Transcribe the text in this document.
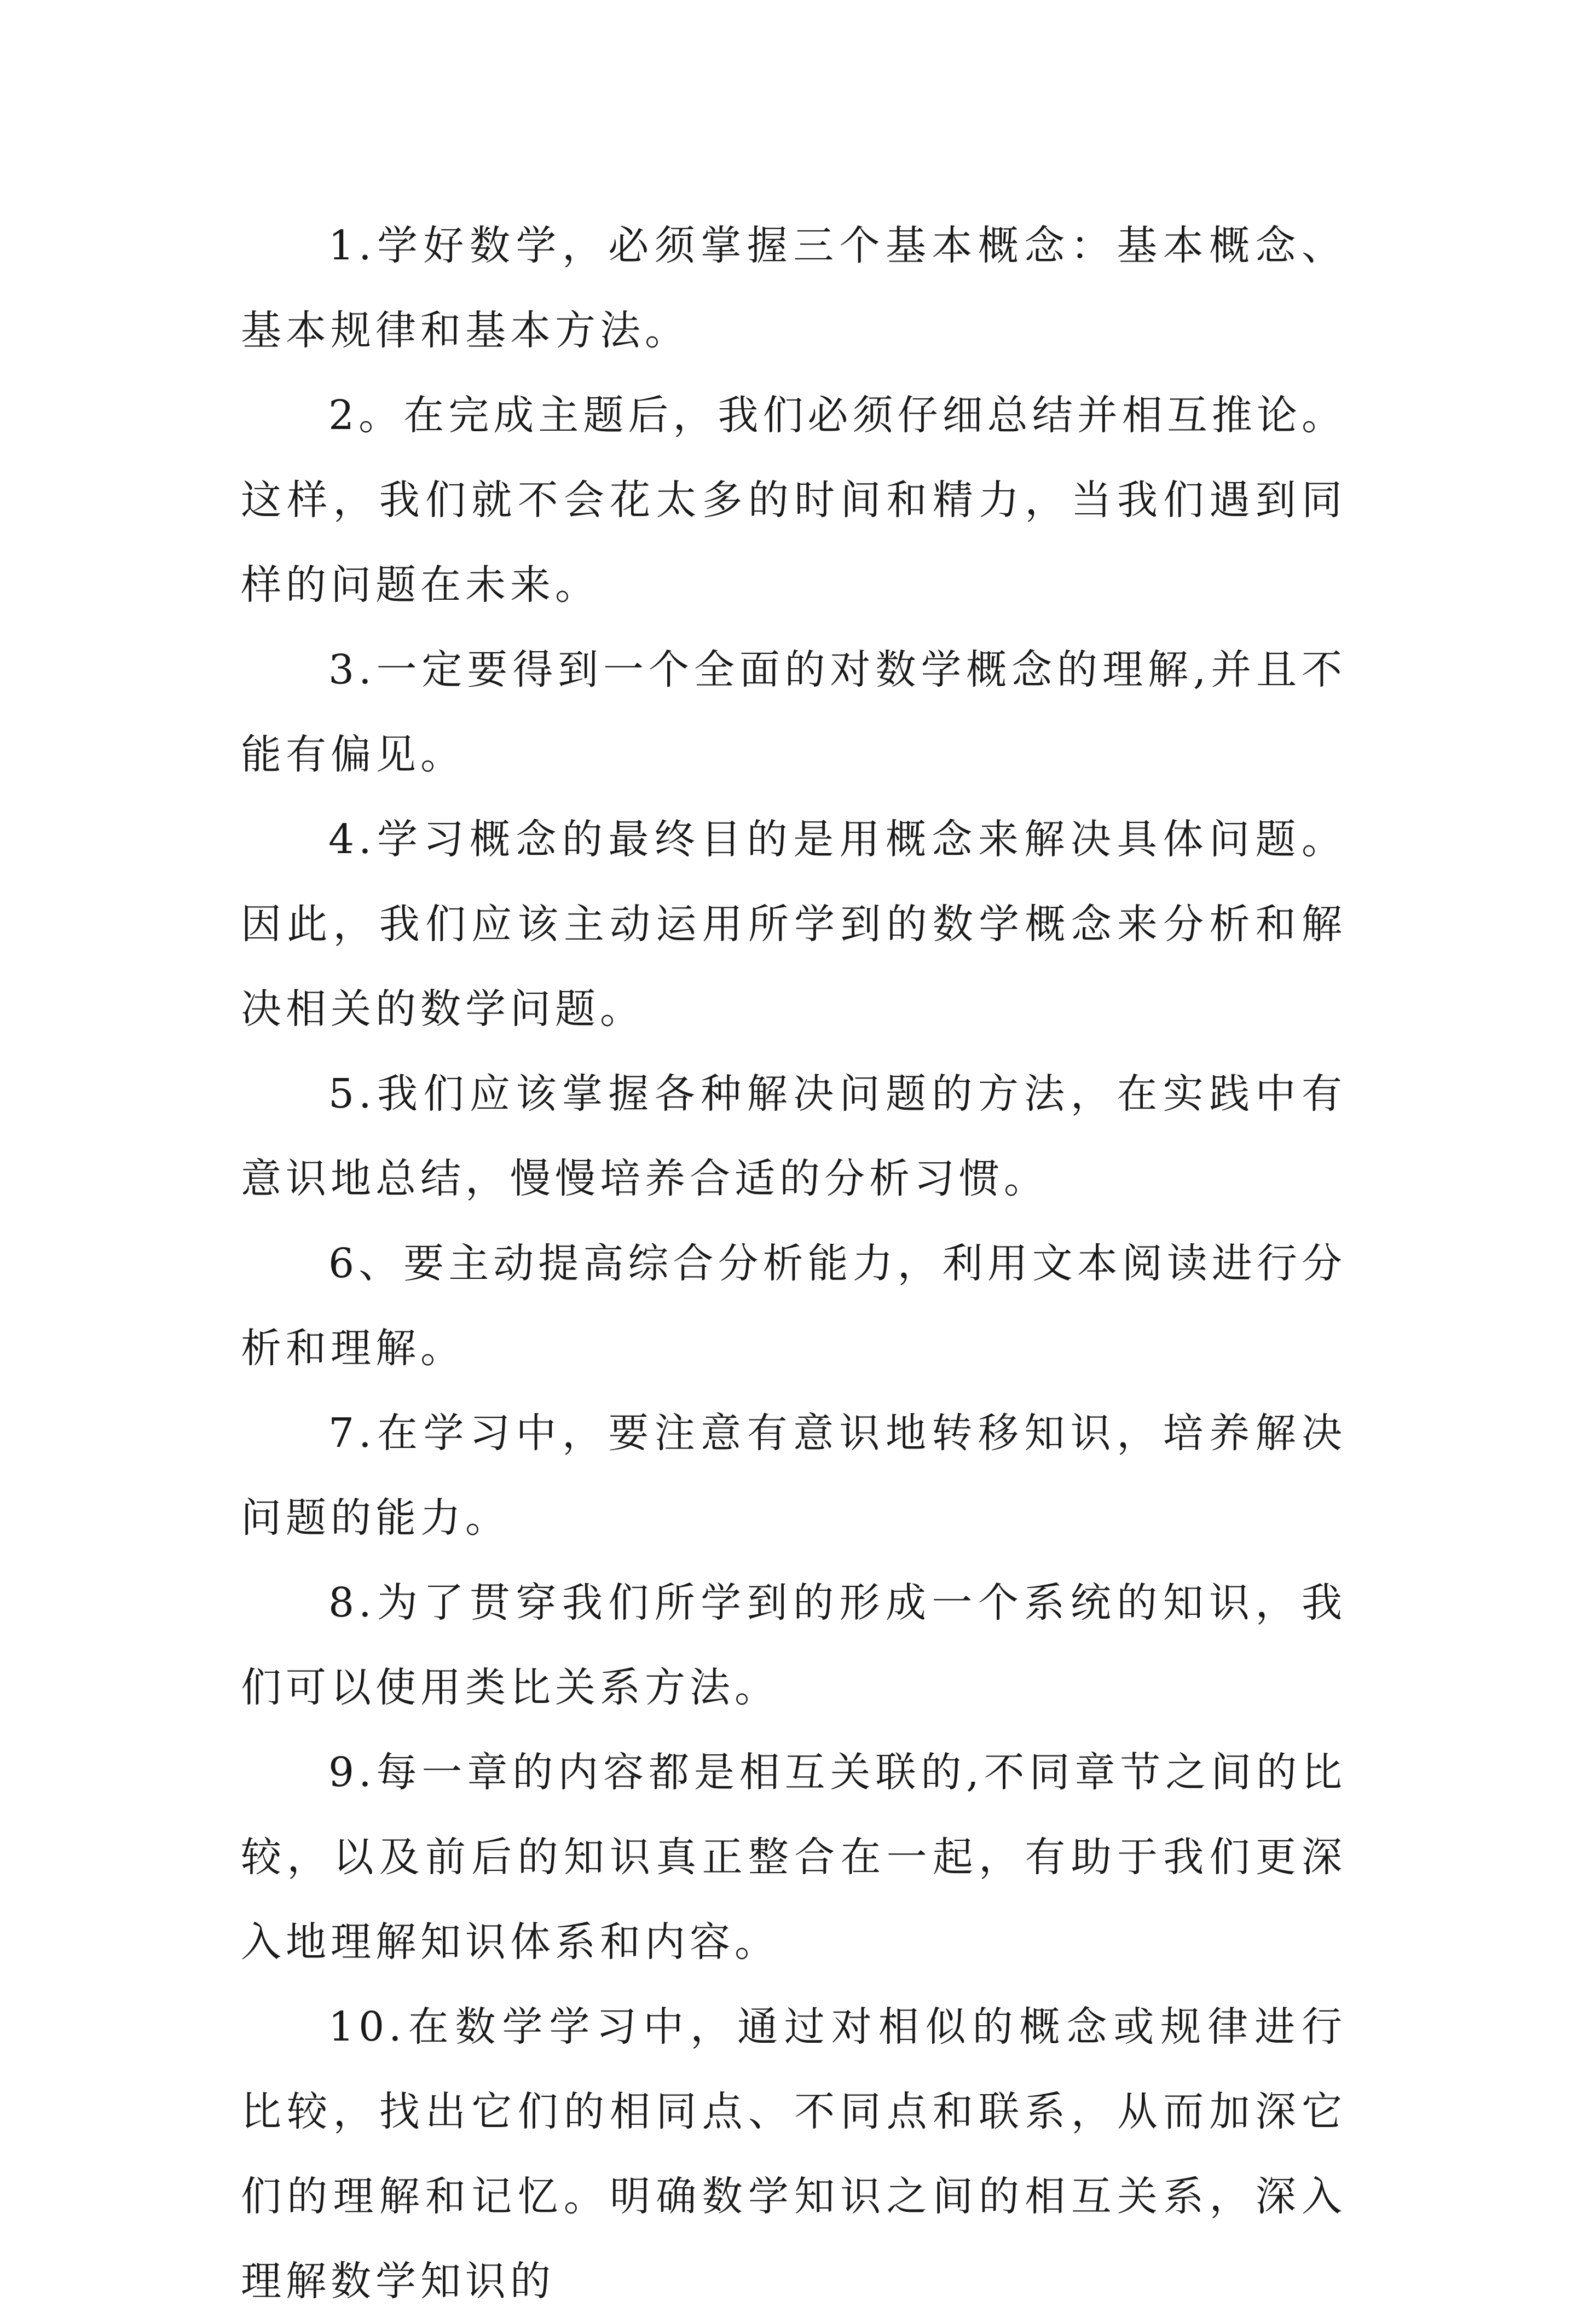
1.学好数学，必须掌握三个基本概念：基本概念、基本规律和基本方法。

2。在完成主题后，我们必须仔细总结并相互推论。这样，我们就不会花太多的时间和精力，当我们遇到同样的问题在未来。

3.一定要得到一个全面的对数学概念的理解,并且不能有偏见。

4.学习概念的最终目的是用概念来解决具体问题。因此，我们应该主动运用所学到的数学概念来分析和解决相关的数学问题。

5.我们应该掌握各种解决问题的方法，在实践中有意识地总结，慢慢培养合适的分析习惯。

6、要主动提高综合分析能力，利用文本阅读进行分析和理解。

7.在学习中，要注意有意识地转移知识，培养解决问题的能力。

8.为了贯穿我们所学到的形成一个系统的知识，我们可以使用类比关系方法。

9.每一章的内容都是相互关联的,不同章节之间的比较，以及前后的知识真正整合在一起，有助于我们更深入地理解知识体系和内容。

10.在数学学习中，通过对相似的概念或规律进行比较，找出它们的相同点、不同点和联系，从而加深它们的理解和记忆。明确数学知识之间的相互关系，深入理解数学知识的
